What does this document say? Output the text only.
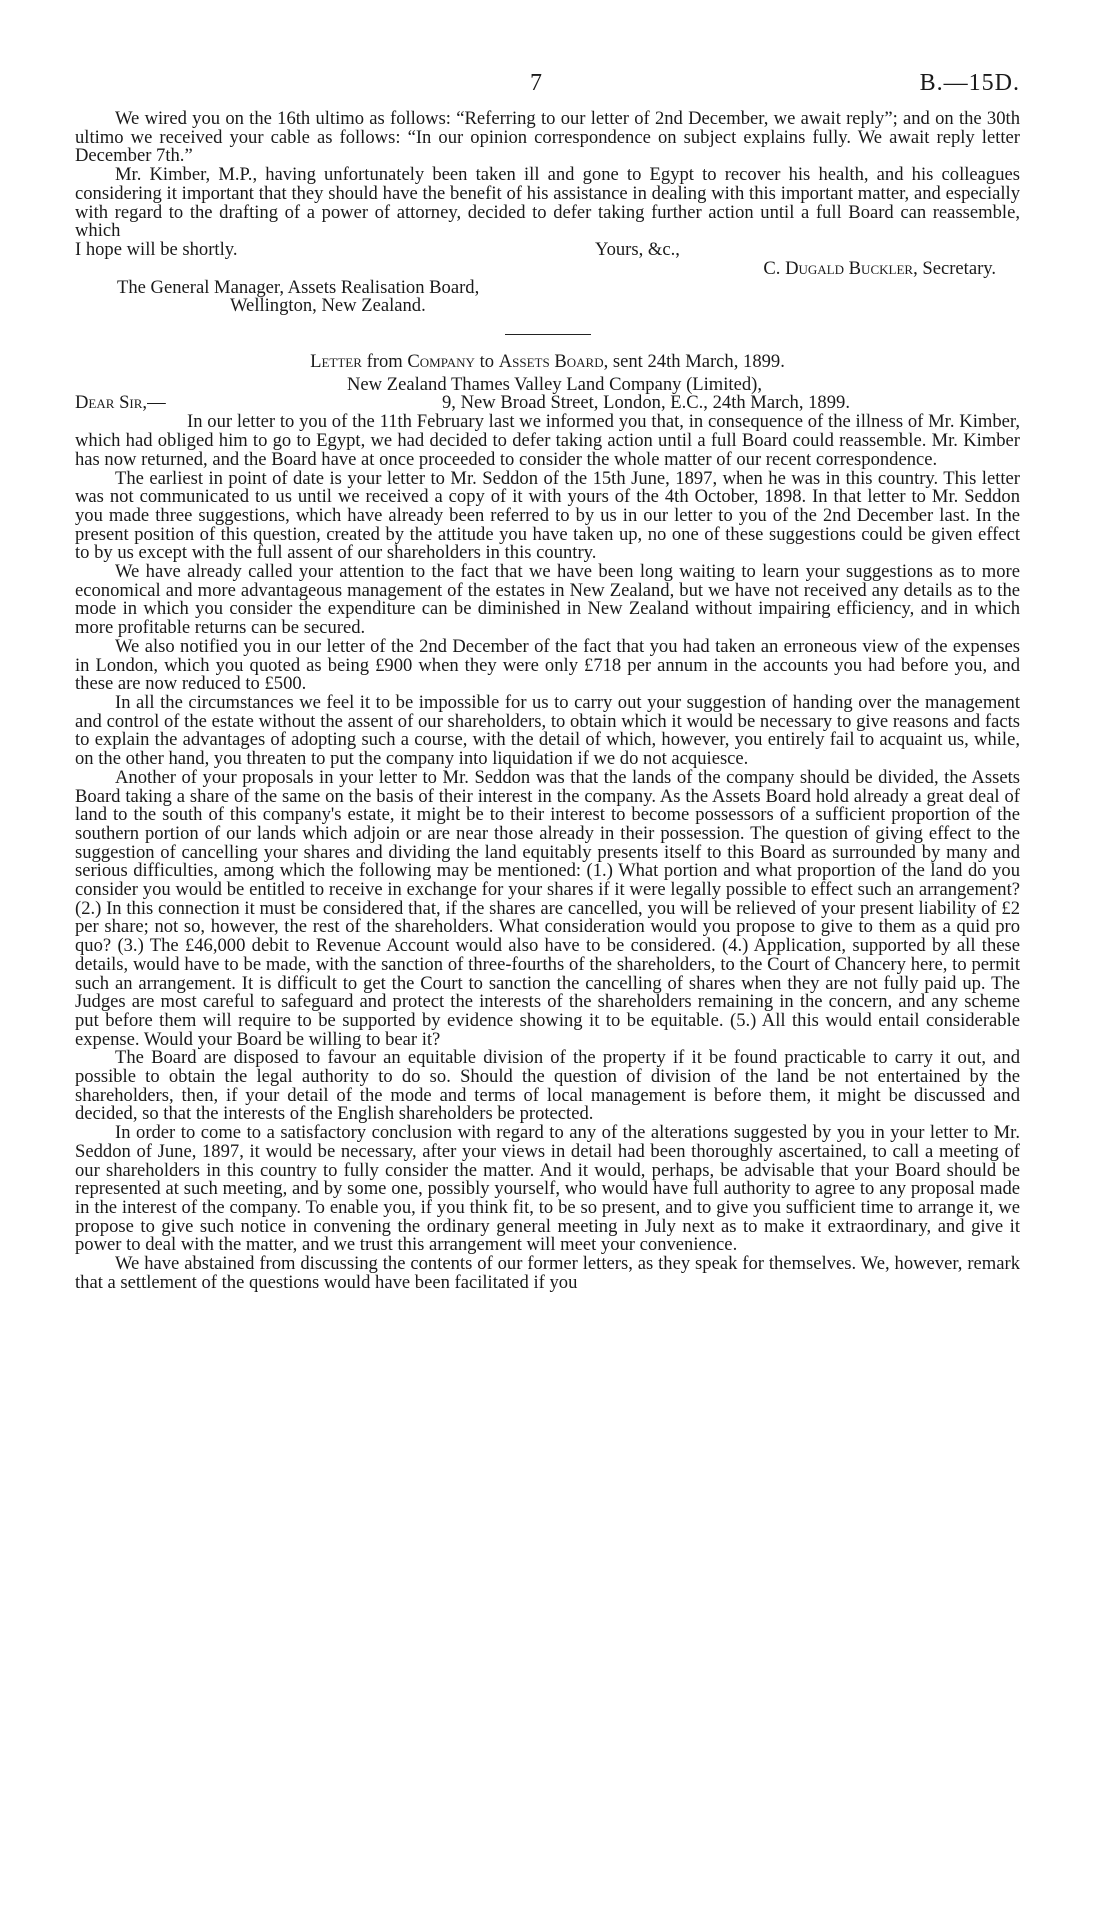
7	B.—15D.

We wired you on the 16th ultimo as follows: “Referring to our letter of 2nd December, we await reply”; and on the 30th ultimo we received your cable as follows: “In our opinion correspondence on subject explains fully. We await reply letter December 7th.”

Mr. Kimber, M.P., having unfortunately been taken ill and gone to Egypt to recover his health, and his colleagues considering it important that they should have the benefit of his assistance in dealing with this important matter, and especially with regard to the drafting of a power of attorney, decided to defer taking further action until a full Board can reassemble, which

I hope will be shortly.	Yours, &c.,
C. Dugald Buckler, Secretary.
The General Manager, Assets Realisation Board,
Wellington, New Zealand.
Letter from Company to Assets Board, sent 24th March, 1899.
New Zealand Thames Valley Land Company (Limited),
Dear Sir,—	9, New Broad Street, London, E.C., 24th March, 1899.

In our letter to you of the 11th February last we informed you that, in consequence of the illness of Mr. Kimber, which had obliged him to go to Egypt, we had decided to defer taking action until a full Board could reassemble. Mr. Kimber has now returned, and the Board have at once proceeded to consider the whole matter of our recent correspondence.

The earliest in point of date is your letter to Mr. Seddon of the 15th June, 1897, when he was in this country. This letter was not communicated to us until we received a copy of it with yours of the 4th October, 1898. In that letter to Mr. Seddon you made three suggestions, which have already been referred to by us in our letter to you of the 2nd December last. In the present position of this question, created by the attitude you have taken up, no one of these suggestions could be given effect to by us except with the full assent of our shareholders in this country.

We have already called your attention to the fact that we have been long waiting to learn your suggestions as to more economical and more advantageous management of the estates in New Zealand, but we have not received any details as to the mode in which you consider the expenditure can be diminished in New Zealand without impairing efficiency, and in which more profitable returns can be secured.

We also notified you in our letter of the 2nd December of the fact that you had taken an erroneous view of the expenses in London, which you quoted as being £900 when they were only £718 per annum in the accounts you had before you, and these are now reduced to £500.

In all the circumstances we feel it to be impossible for us to carry out your suggestion of handing over the management and control of the estate without the assent of our shareholders, to obtain which it would be necessary to give reasons and facts to explain the advantages of adopting such a course, with the detail of which, however, you entirely fail to acquaint us, while, on the other hand, you threaten to put the company into liquidation if we do not acquiesce.

Another of your proposals in your letter to Mr. Seddon was that the lands of the company should be divided, the Assets Board taking a share of the same on the basis of their interest in the company. As the Assets Board hold already a great deal of land to the south of this company's estate, it might be to their interest to become possessors of a sufficient proportion of the southern portion of our lands which adjoin or are near those already in their possession. The question of giving effect to the suggestion of cancelling your shares and dividing the land equitably presents itself to this Board as surrounded by many and serious difficulties, among which the following may be mentioned: (1.) What portion and what proportion of the land do you consider you would be entitled to receive in exchange for your shares if it were legally possible to effect such an arrangement? (2.) In this connection it must be considered that, if the shares are cancelled, you will be relieved of your present liability of £2 per share; not so, however, the rest of the shareholders. What consideration would you propose to give to them as a quid pro quo? (3.) The £46,000 debit to Revenue Account would also have to be considered. (4.) Application, supported by all these details, would have to be made, with the sanction of three-fourths of the shareholders, to the Court of Chancery here, to permit such an arrangement. It is difficult to get the Court to sanction the cancelling of shares when they are not fully paid up. The Judges are most careful to safeguard and protect the interests of the shareholders remaining in the concern, and any scheme put before them will require to be supported by evidence showing it to be equitable. (5.) All this would entail considerable expense. Would your Board be willing to bear it?

The Board are disposed to favour an equitable division of the property if it be found practicable to carry it out, and possible to obtain the legal authority to do so. Should the question of division of the land be not entertained by the shareholders, then, if your detail of the mode and terms of local management is before them, it might be discussed and decided, so that the interests of the English shareholders be protected.

In order to come to a satisfactory conclusion with regard to any of the alterations suggested by you in your letter to Mr. Seddon of June, 1897, it would be necessary, after your views in detail had been thoroughly ascertained, to call a meeting of our shareholders in this country to fully consider the matter. And it would, perhaps, be advisable that your Board should be represented at such meeting, and by some one, possibly yourself, who would have full authority to agree to any proposal made in the interest of the company. To enable you, if you think fit, to be so present, and to give you sufficient time to arrange it, we propose to give such notice in convening the ordinary general meeting in July next as to make it extraordinary, and give it power to deal with the matter, and we trust this arrangement will meet your convenience.

We have abstained from discussing the contents of our former letters, as they speak for themselves. We, however, remark that a settlement of the questions would have been facilitated if you
